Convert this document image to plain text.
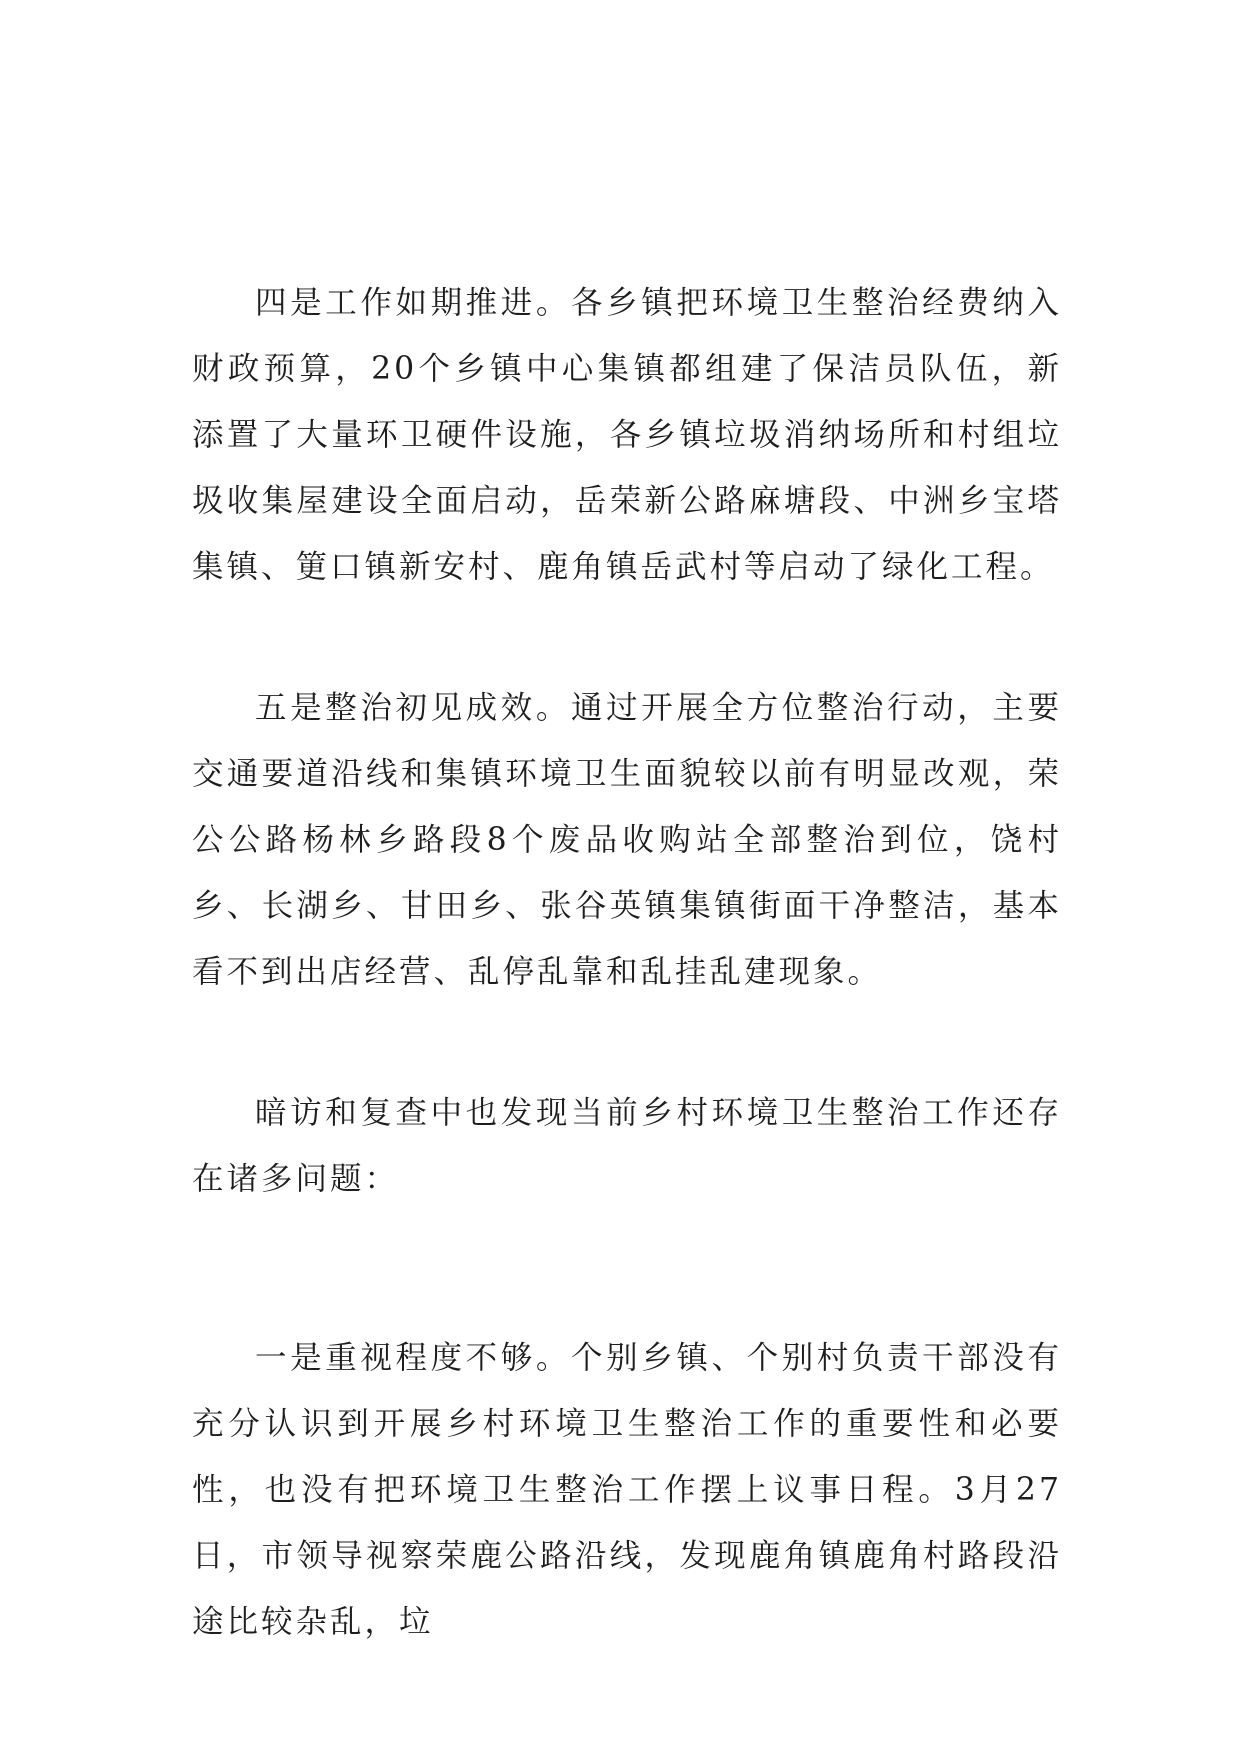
四是工作如期推进。各乡镇把环境卫生整治经费纳入财政预算，20个乡镇中心集镇都组建了保洁员队伍，新添置了大量环卫硬件设施，各乡镇垃圾消纳场所和村组垃圾收集屋建设全面启动，岳荣新公路麻塘段、中洲乡宝塔集镇、筻口镇新安村、鹿角镇岳武村等启动了绿化工程。

五是整治初见成效。通过开展全方位整治行动，主要交通要道沿线和集镇环境卫生面貌较以前有明显改观，荣公公路杨林乡路段8个废品收购站全部整治到位，饶村乡、长湖乡、甘田乡、张谷英镇集镇街面干净整洁，基本看不到出店经营、乱停乱靠和乱挂乱建现象。

暗访和复查中也发现当前乡村环境卫生整治工作还存在诸多问题：

一是重视程度不够。个别乡镇、个别村负责干部没有充分认识到开展乡村环境卫生整治工作的重要性和必要性，也没有把环境卫生整治工作摆上议事日程。3月27日，市领导视察荣鹿公路沿线，发现鹿角镇鹿角村路段沿途比较杂乱，垃
